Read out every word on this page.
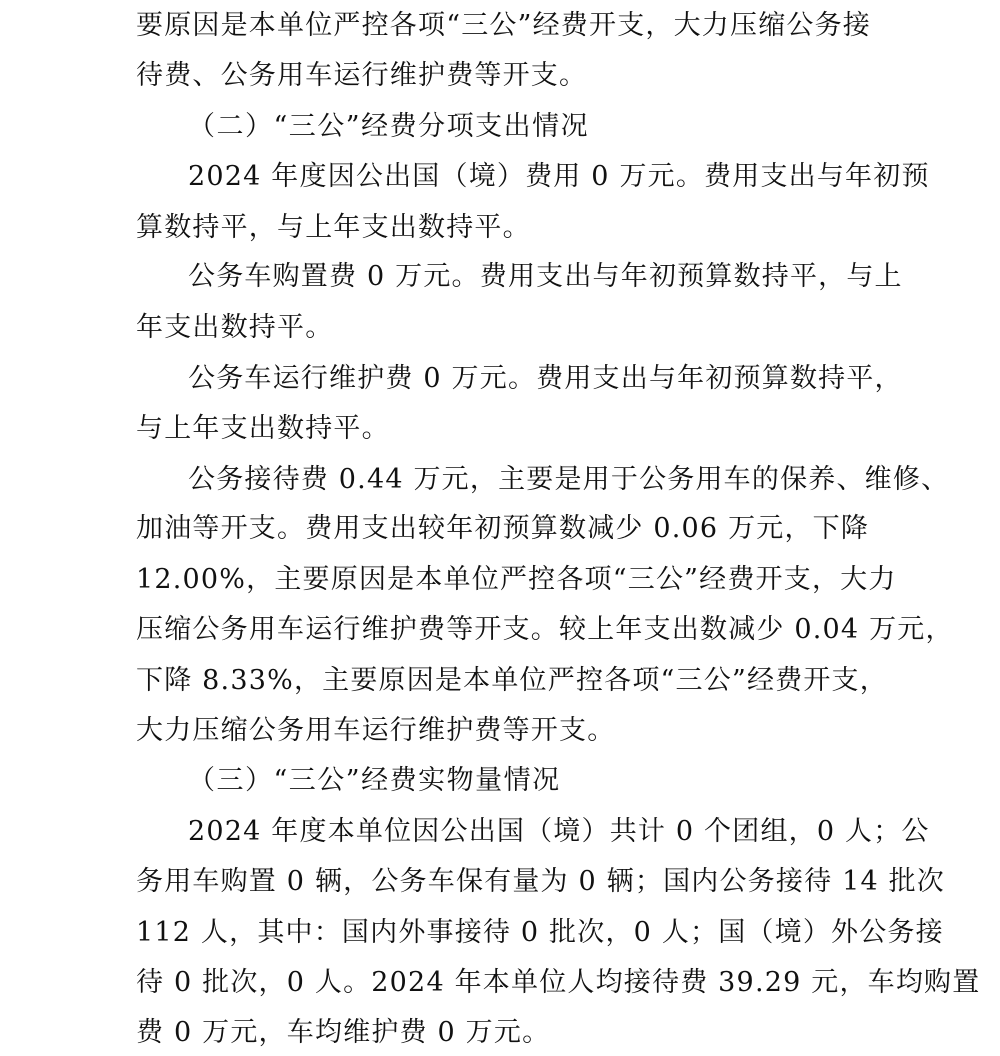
要原因是本单位严控各项“三公”经费开支，大力压缩公务接
待费、公务用车运行维护费等开支。
（二）“三公”经费分项支出情况
2024 年度因公出国（境）费用 0 万元。费用支出与年初预
算数持平，与上年支出数持平。
公务车购置费 0 万元。费用支出与年初预算数持平，与上
年支出数持平。
公务车运行维护费 0 万元。费用支出与年初预算数持平，
与上年支出数持平。
公务接待费 0.44 万元，主要是用于公务用车的保养、维修、
加油等开支。费用支出较年初预算数减少 0.06 万元，下降
12.00%，主要原因是本单位严控各项“三公”经费开支，大力
压缩公务用车运行维护费等开支。较上年支出数减少 0.04 万元，
下降 8.33%，主要原因是本单位严控各项“三公”经费开支，
大力压缩公务用车运行维护费等开支。
（三）“三公”经费实物量情况
2024 年度本单位因公出国（境）共计 0 个团组，0 人；公
务用车购置 0 辆，公务车保有量为 0 辆；国内公务接待 14 批次
112 人，其中：国内外事接待 0 批次，0 人；国（境）外公务接
待 0 批次，0 人。2024 年本单位人均接待费 39.29 元，车均购置
费 0 万元，车均维护费 0 万元。
